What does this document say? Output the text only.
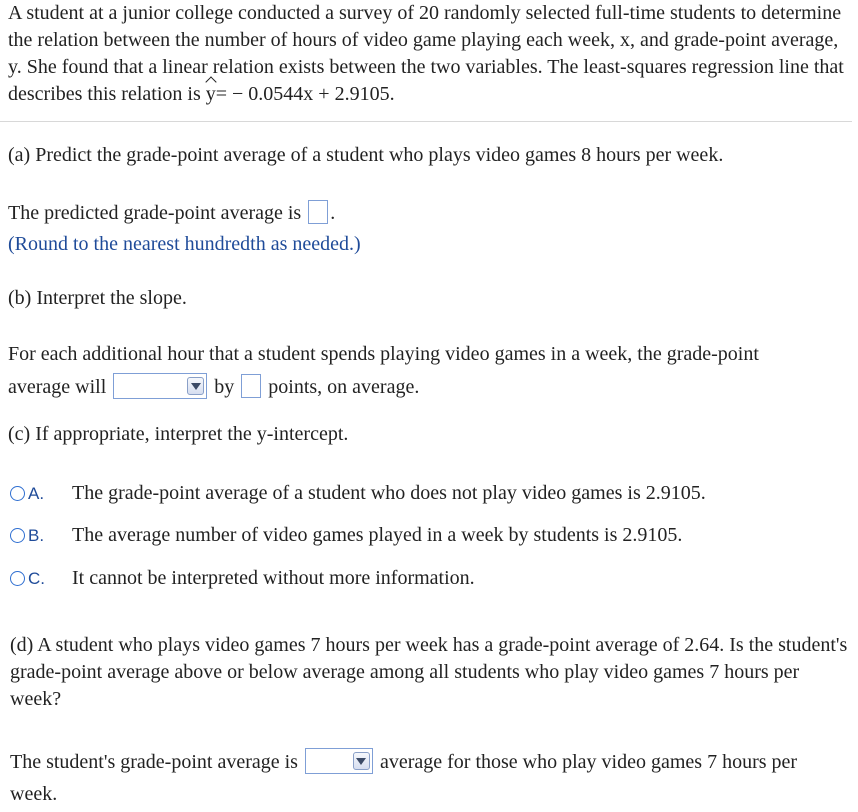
A student at a junior college conducted a survey of 20 randomly selected full-time students to determine the relation between the number of hours of video game playing each week, x, and grade-point average, y. She found that a linear relation exists between the two variables. The least-squares regression line that describes this relation is y= − 0.0544x + 2.9105.
(a) Predict the grade-point average of a student who plays video games 8 hours per week.
The predicted grade-point average is .
(Round to the nearest hundredth as needed.)
(b) Interpret the slope.
For each additional hour that a student spends playing video games in a week, the grade-point
average will	by points, on average.
(c) If appropriate, interpret the y-intercept.
A.	The grade-point average of a student who does not play video games is 2.9105.
B.	The average number of video games played in a week by students is 2.9105.
C.	It cannot be interpreted without more information.
(d) A student who plays video games 7 hours per week has a grade-point average of 2.64. Is the student's grade-point average above or below average among all students who play video games 7 hours per week?
The student's grade-point average is	average for those who play video games 7 hours per week.
